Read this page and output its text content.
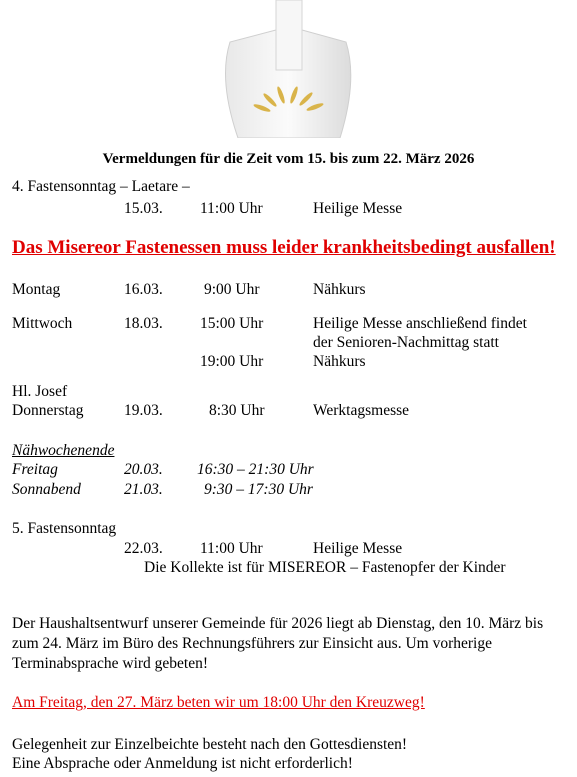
Vermeldungen für die Zeit vom 15. bis zum 22. März 2026
4. Fastensonntag – Laetare –
15.03. 11:00 Uhr	Heilige Messe
Das Misereor Fastenessen muss leider krankheitsbedingt ausfallen!
Montag	16.03.	9:00 Uhr	Nähkurs
Mittwoch	18.03. 15:00 Uhr	Heilige Messe anschließend findet
der Senioren-Nachmittag statt
19:00 Uhr	Nähkurs
Hl. Josef
Donnerstag	19.03.	8:30 Uhr	Werktagsmesse
Nähwochenende
Freitag	20.03. 16:30 – 21:30 Uhr
Sonnabend	21.03.	9:30 – 17:30 Uhr
5. Fastensonntag
22.03. 11:00 Uhr	Heilige Messe
Die Kollekte ist für MISEREOR – Fastenopfer der Kinder
Der Haushaltsentwurf unserer Gemeinde für 2026 liegt ab Dienstag, den 10. März bis zum 24. März im Büro des Rechnungsführers zur Einsicht aus. Um vorherige Terminabsprache wird gebeten!
Am Freitag, den 27. März beten wir um 18:00 Uhr den Kreuzweg!
Gelegenheit zur Einzelbeichte besteht nach den Gottesdiensten!
Eine Absprache oder Anmeldung ist nicht erforderlich!
